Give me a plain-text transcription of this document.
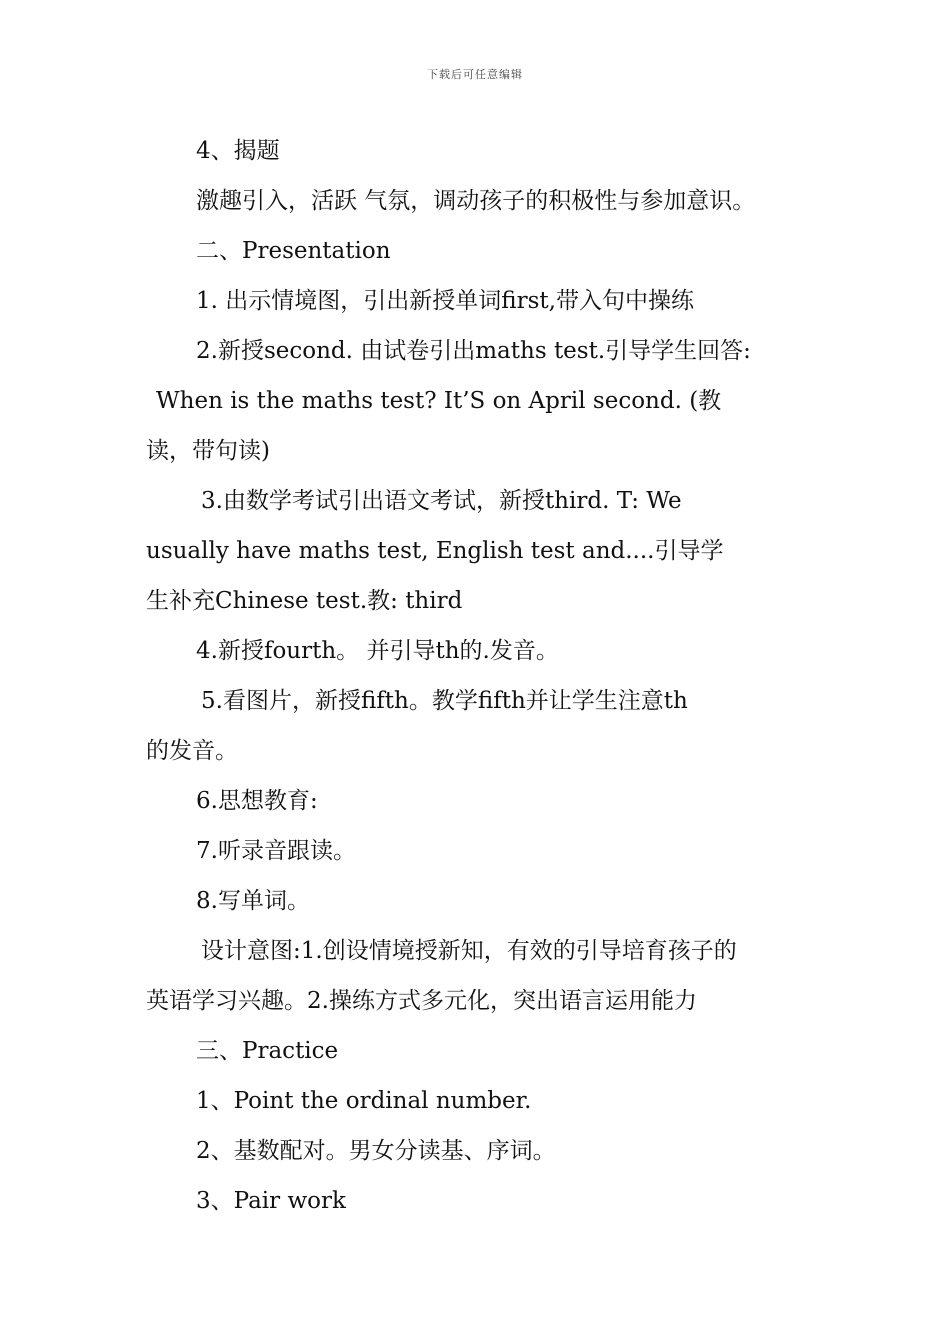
下载后可任意编辑
4、揭题
激趣引入，活跃 气氛，调动孩子的积极性与参加意识。
二、Presentation
1. 出示情境图，引出新授单词first,带入句中操练
2.新授second. 由试卷引出maths test.引导学生回答:
When is the maths test? It’S on April second. (教
读，带句读)
3.由数学考试引出语文考试，新授third. T: We
usually have maths test, English test and....引导学
生补充Chinese test.教: third
4.新授fourth。 并引导th的.发音。
5.看图片，新授fifth。教学fifth并让学生注意th
的发音。
6.思想教育:
7.听录音跟读。
8.写单词。
设计意图:1.创设情境授新知，有效的引导培育孩子的
英语学习兴趣。2.操练方式多元化，突出语言运用能力
三、Practice
1、Point the ordinal number.
2、基数配对。男女分读基、序词。
3、Pair work
